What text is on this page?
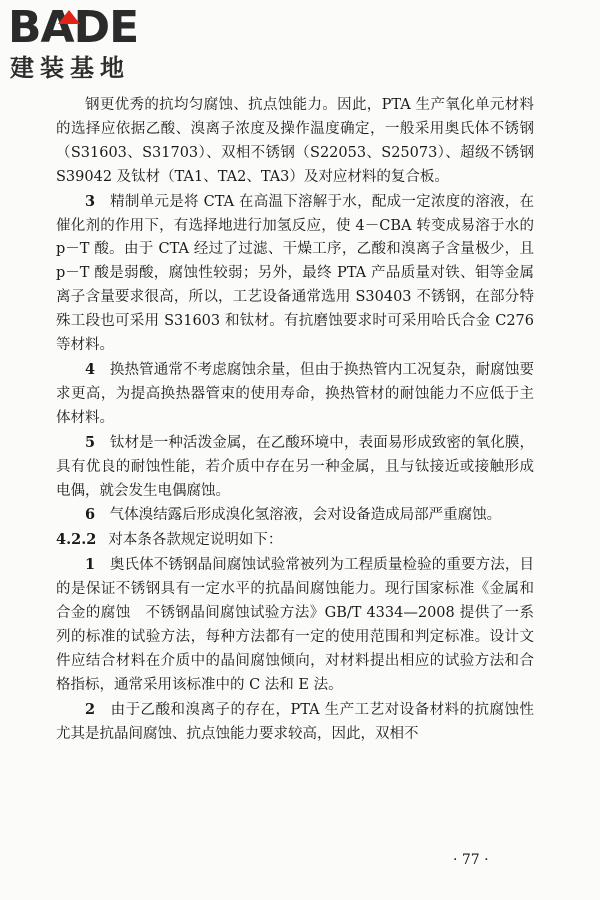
BADE
建装基地

钢更优秀的抗均匀腐蚀、抗点蚀能力。因此，PTA 生产氧化单元材料的选择应依据乙酸、溴离子浓度及操作温度确定，一般采用奥氏体不锈钢（S31603、S31703）、双相不锈钢（S22053、S25073）、超级不锈钢 S39042 及钛材（TA1、TA2、TA3）及对应材料的复合板。

3　 精制单元是将 CTA 在高温下溶解于水，配成一定浓度的溶液，在催化剂的作用下，有选择地进行加氢反应，使 4－CBA 转变成易溶于水的 p－T 酸。由于 CTA 经过了过滤、干燥工序，乙酸和溴离子含量极少，且 p－T 酸是弱酸，腐蚀性较弱；另外，最终 PTA 产品质量对铁、钼等金属离子含量要求很高，所以，工艺设备通常选用 S30403 不锈钢，在部分特殊工段也可采用 S31603 和钛材。有抗磨蚀要求时可采用哈氏合金 C276 等材料。

4　 换热管通常不考虑腐蚀余量，但由于换热管内工况复杂，耐腐蚀要求更高，为提高换热器管束的使用寿命，换热管材的耐蚀能力不应低于主体材料。

5　 钛材是一种活泼金属，在乙酸环境中，表面易形成致密的氧化膜，具有优良的耐蚀性能，若介质中存在另一种金属，且与钛接近或接触形成电偶，就会发生电偶腐蚀。

6　 气体溴结露后形成溴化氢溶液，会对设备造成局部严重腐蚀。

4.2.2 对本条各款规定说明如下：

1　 奥氏体不锈钢晶间腐蚀试验常被列为工程质量检验的重要方法，目的是保证不锈钢具有一定水平的抗晶间腐蚀能力。现行国家标准《金属和合金的腐蚀　不锈钢晶间腐蚀试验方法》GB/T 4334—2008 提供了一系列的标准的试验方法，每种方法都有一定的使用范围和判定标准。设计文件应结合材料在介质中的晶间腐蚀倾向，对材料提出相应的试验方法和合格指标，通常采用该标准中的 C 法和 E 法。

2　 由于乙酸和溴离子的存在，PTA 生产工艺对设备材料的抗腐蚀性尤其是抗晶间腐蚀、抗点蚀能力要求较高，因此，双相不

· 77 ·
